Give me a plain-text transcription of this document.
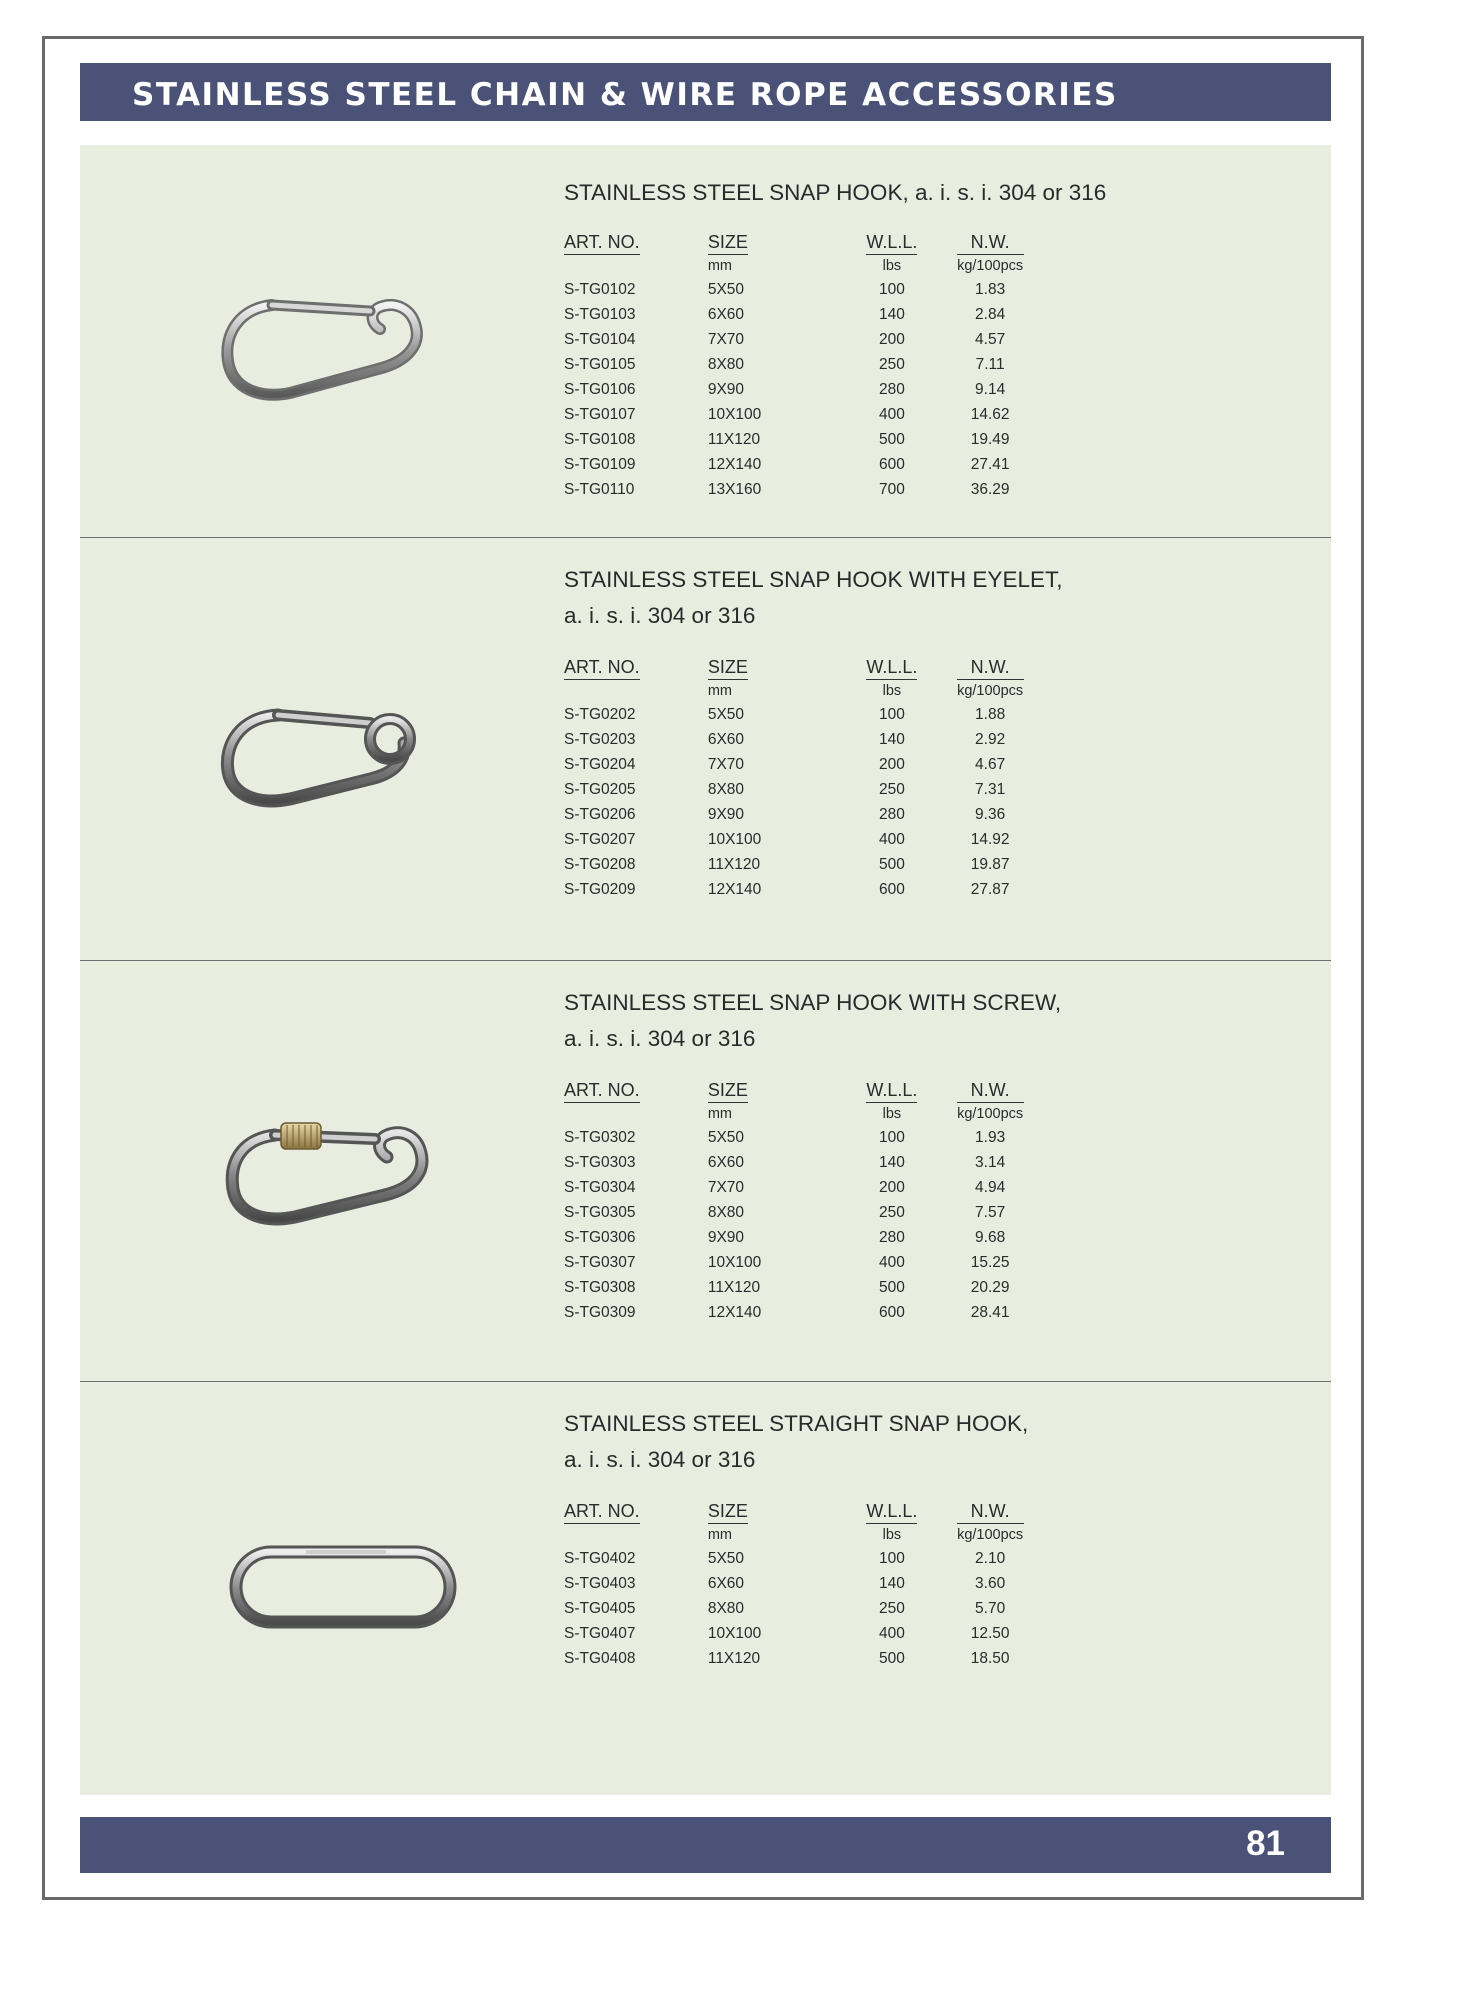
STAINLESS STEEL CHAIN & WIRE ROPE ACCESSORIES
STAINLESS STEEL SNAP HOOK, a. i. s. i. 304 or 316
ART. NO.	SIZE	W.L.L.	N.W.
	mm	lbs	kg/100pcs
S-TG0102	5X50	100	1.83
S-TG0103	6X60	140	2.84
S-TG0104	7X70	200	4.57
S-TG0105	8X80	250	7.11
S-TG0106	9X90	280	9.14
S-TG0107	10X100	400	14.62
S-TG0108	11X120	500	19.49
S-TG0109	12X140	600	27.41
S-TG0110	13X160	700	36.29
STAINLESS STEEL SNAP HOOK WITH EYELET,
a. i. s. i. 304 or 316
ART. NO.	SIZE	W.L.L.	N.W.
	mm	lbs	kg/100pcs
S-TG0202	5X50	100	1.88
S-TG0203	6X60	140	2.92
S-TG0204	7X70	200	4.67
S-TG0205	8X80	250	7.31
S-TG0206	9X90	280	9.36
S-TG0207	10X100	400	14.92
S-TG0208	11X120	500	19.87
S-TG0209	12X140	600	27.87
STAINLESS STEEL SNAP HOOK WITH SCREW,
a. i. s. i. 304 or 316
ART. NO.	SIZE	W.L.L.	N.W.
	mm	lbs	kg/100pcs
S-TG0302	5X50	100	1.93
S-TG0303	6X60	140	3.14
S-TG0304	7X70	200	4.94
S-TG0305	8X80	250	7.57
S-TG0306	9X90	280	9.68
S-TG0307	10X100	400	15.25
S-TG0308	11X120	500	20.29
S-TG0309	12X140	600	28.41
STAINLESS STEEL STRAIGHT SNAP HOOK,
a. i. s. i. 304 or 316
ART. NO.	SIZE	W.L.L.	N.W.
	mm	lbs	kg/100pcs
S-TG0402	5X50	100	2.10
S-TG0403	6X60	140	3.60
S-TG0405	8X80	250	5.70
S-TG0407	10X100	400	12.50
S-TG0408	11X120	500	18.50
81
